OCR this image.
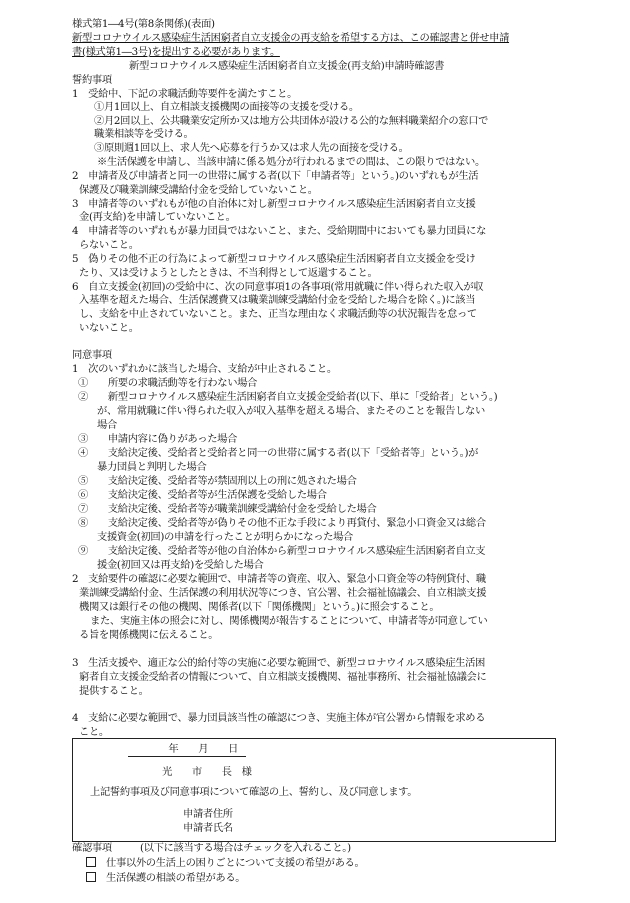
様式第1―4号(第8条関係)(表面)
新型コロナウイルス感染症生活困窮者自立支援金の再支給を希望する方は、この確認書と併せ申請
書(様式第1―3号)を提出する必要があります。
新型コロナウイルス感染症生活困窮者自立支援金(再支給)申請時確認書
誓約事項
1　受給中、下記の求職活動等要件を満たすこと。
①月1回以上、自立相談支援機関の面接等の支援を受ける。
②月2回以上、公共職業安定所か又は地方公共団体が設ける公的な無料職業紹介の窓口で
職業相談等を受ける。
③原則週1回以上、求人先へ応募を行うか又は求人先の面接を受ける。
※生活保護を申請し、当該申請に係る処分が行われるまでの間は、この限りではない。
2　申請者及び申請者と同一の世帯に属する者(以下「申請者等」という。)のいずれもが生活
保護及び職業訓練受講給付金を受給していないこと。
3　申請者等のいずれもが他の自治体に対し新型コロナウイルス感染症生活困窮者自立支援
金(再支給)を申請していないこと。
4　申請者等のいずれもが暴力団員ではないこと、また、受給期間中においても暴力団員にな
らないこと。
5　偽りその他不正の行為によって新型コロナウイルス感染症生活困窮者自立支援金を受け
たり、又は受けようとしたときは、不当利得として返還すること。
6　自立支援金(初回)の受給中に、次の同意事項1の各事項(常用就職に伴い得られた収入が収
入基準を超えた場合、生活保護費又は職業訓練受講給付金を受給した場合を除く。)に該当
し、支給を中止されていないこと。また、正当な理由なく求職活動等の状況報告を怠って
いないこと。
同意事項
1　次のいずれかに該当した場合、支給が中止されること。
①　　所要の求職活動等を行わない場合
②　　新型コロナウイルス感染症生活困窮者自立支援金受給者(以下、単に「受給者」という。)
が、常用就職に伴い得られた収入が収入基準を超える場合、またそのことを報告しない
場合
③　　申請内容に偽りがあった場合
④　　支給決定後、受給者と受給者と同一の世帯に属する者(以下「受給者等」という。)が
暴力団員と判明した場合
⑤　　支給決定後、受給者等が禁固刑以上の刑に処された場合
⑥　　支給決定後、受給者等が生活保護を受給した場合
⑦　　支給決定後、受給者等が職業訓練受講給付金を受給した場合
⑧　　支給決定後、受給者等が偽りその他不正な手段により再貸付、緊急小口資金又は総合
支援資金(初回)の申請を行ったことが明らかになった場合
⑨　　支給決定後、受給者等が他の自治体から新型コロナウイルス感染症生活困窮者自立支
援金(初回又は再支給)を受給した場合
2　支給要件の確認に必要な範囲で、申請者等の資産、収入、緊急小口資金等の特例貸付、職
業訓練受講給付金、生活保護の利用状況等につき、官公署、社会福祉協議会、自立相談支援
機関又は銀行その他の機関、関係者(以下「関係機関」という。)に照会すること。
また、実施主体の照会に対し、関係機関が報告することについて、申請者等が同意してい
る旨を関係機関に伝えること。
3　生活支援や、適正な公的給付等の実施に必要な範囲で、新型コロナウイルス感染症生活困
窮者自立支援金受給者の情報について、自立相談支援機関、福祉事務所、社会福祉協議会に
提供すること。
4　支給に必要な範囲で、暴力団員該当性の確認につき、実施主体が官公署から情報を求める
こと。
年　　月　　日
光　　市　　長　様
上記誓約事項及び同意事項について確認の上、誓約し、及び同意します。
申請者住所
申請者氏名
確認事項	(以下に該当する場合はチェックを入れること。)
仕事以外の生活上の困りごとについて支援の希望がある。
生活保護の相談の希望がある。
